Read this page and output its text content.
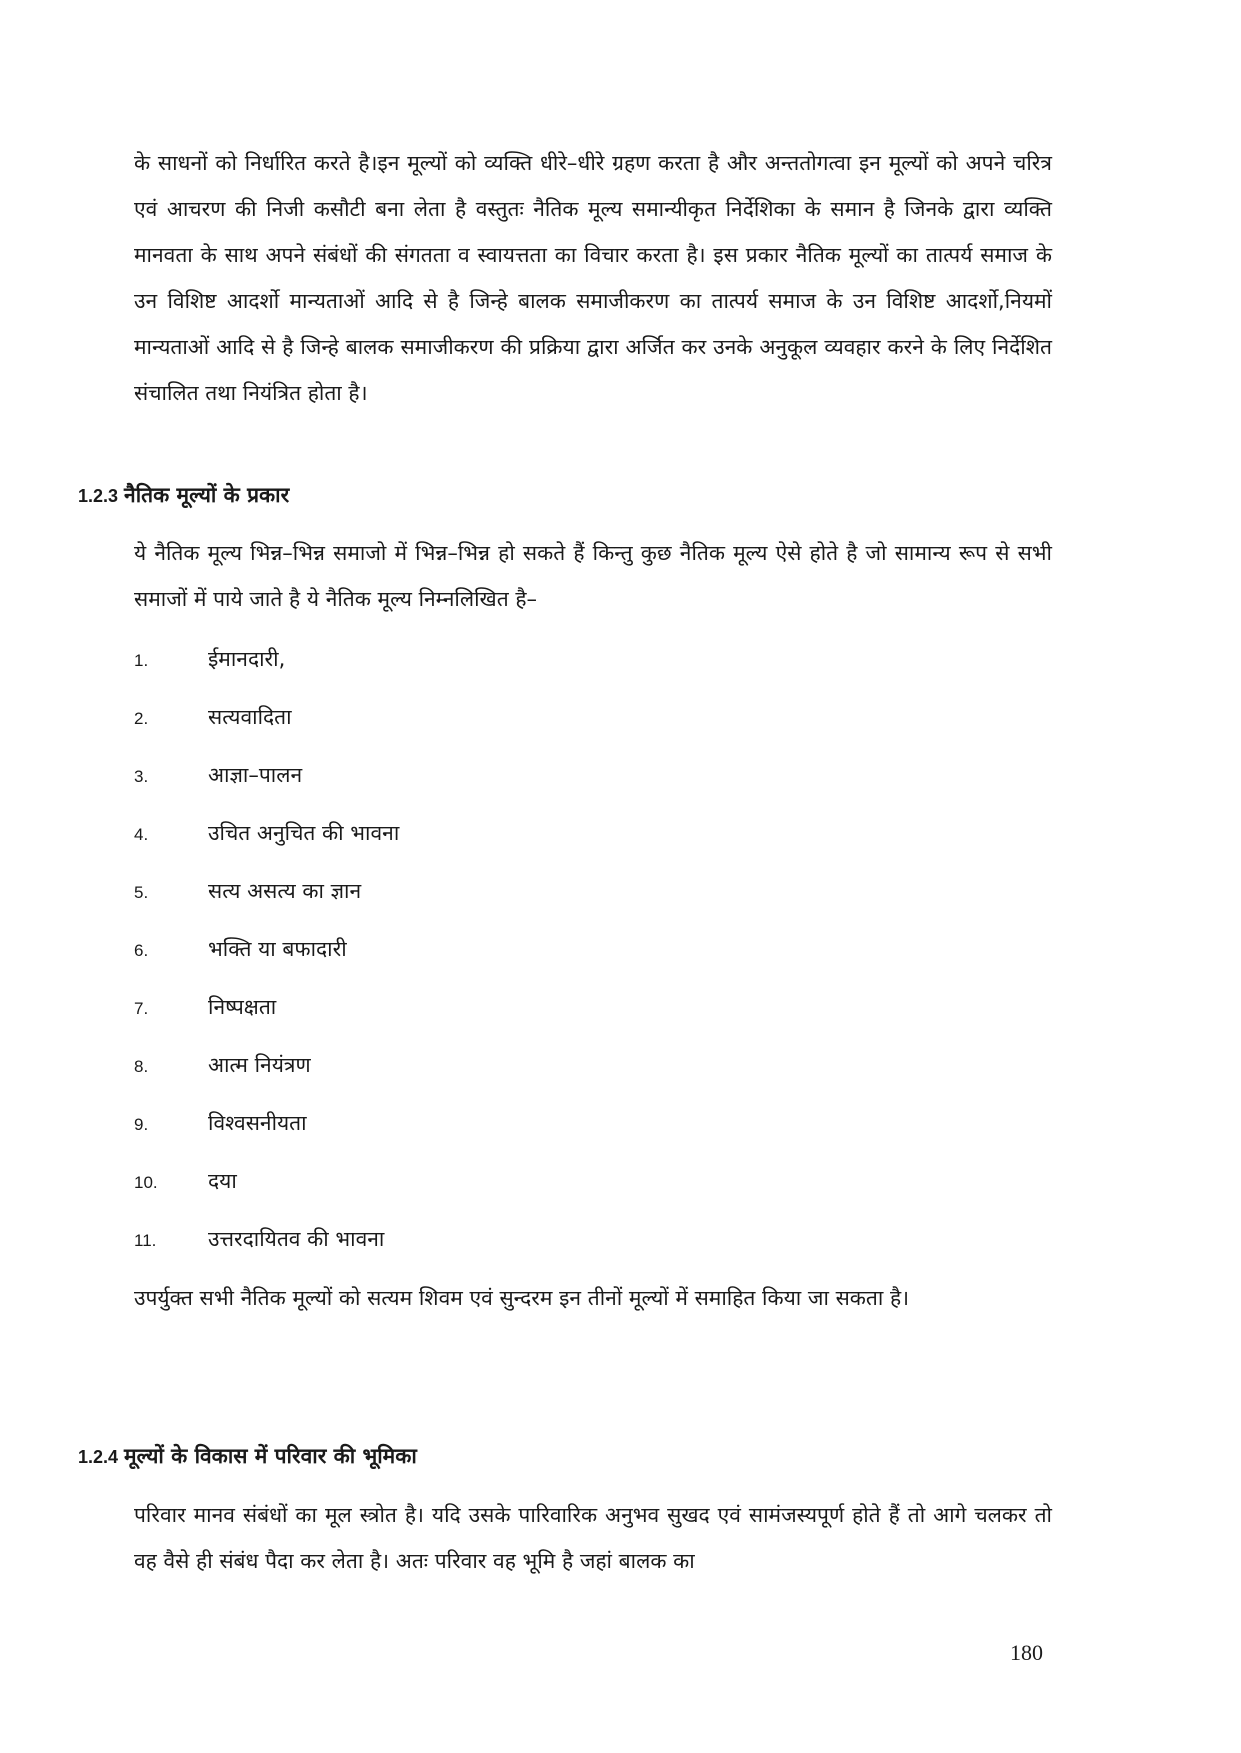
के साधनों को निर्धारित करते है।इन मूल्यों को व्यक्ति धीरे–धीरे ग्रहण करता है और अन्ततोगत्वा इन मूल्यों को अपने चरित्र एवं आचरण की निजी कसौटी बना लेता है वस्तुतः नैतिक मूल्य समान्यीकृत निर्देशिका के समान है जिनके द्वारा व्यक्ति मानवता के साथ अपने संबंधों की संगतता व स्वायत्तता का विचार करता है। इस प्रकार नैतिक मूल्यों का तात्पर्य समाज के उन विशिष्ट आदर्शो मान्यताओं आदि से है जिन्हे बालक समाजीकरण का तात्पर्य समाज के उन विशिष्ट आदर्शो,नियमों मान्यताओं आदि से है जिन्हे बालक समाजीकरण की प्रक्रिया द्वारा अर्जित कर उनके अनुकूल व्यवहार करने के लिए निर्देशित संचालित तथा नियंत्रित होता है।

1.2.3 नैतिक मूल्यों के प्रकार

ये नैतिक मूल्य भिन्न–भिन्न समाजो में भिन्न–भिन्न हो सकते हैं किन्तु कुछ नैतिक मूल्य ऐसे होते है जो सामान्य रूप से सभी समाजों में पाये जाते है ये नैतिक मूल्य निम्नलिखित है–

1.	ईमानदारी,
2.	सत्यवादिता
3.	आज्ञा–पालन
4.	उचित अनुचित की भावना
5.	सत्य असत्य का ज्ञान
6.	भक्ति या बफादारी
7.	निष्पक्षता
8.	आत्म नियंत्रण
9.	विश्वसनीयता
10.	दया
11.	उत्तरदायितव की भावना

उपर्युक्त सभी नैतिक मूल्यों को सत्यम शिवम एवं सुन्दरम इन तीनों मूल्यों में समाहित किया जा सकता है।

1.2.4 मूल्यों के विकास में परिवार की भूमिका

परिवार मानव संबंधों का मूल स्त्रोत है। यदि उसके पारिवारिक अनुभव सुखद एवं सामंजस्यपूर्ण होते हैं तो आगे चलकर तो वह वैसे ही संबंध पैदा कर लेता है। अतः परिवार वह भूमि है जहां बालक का

180
